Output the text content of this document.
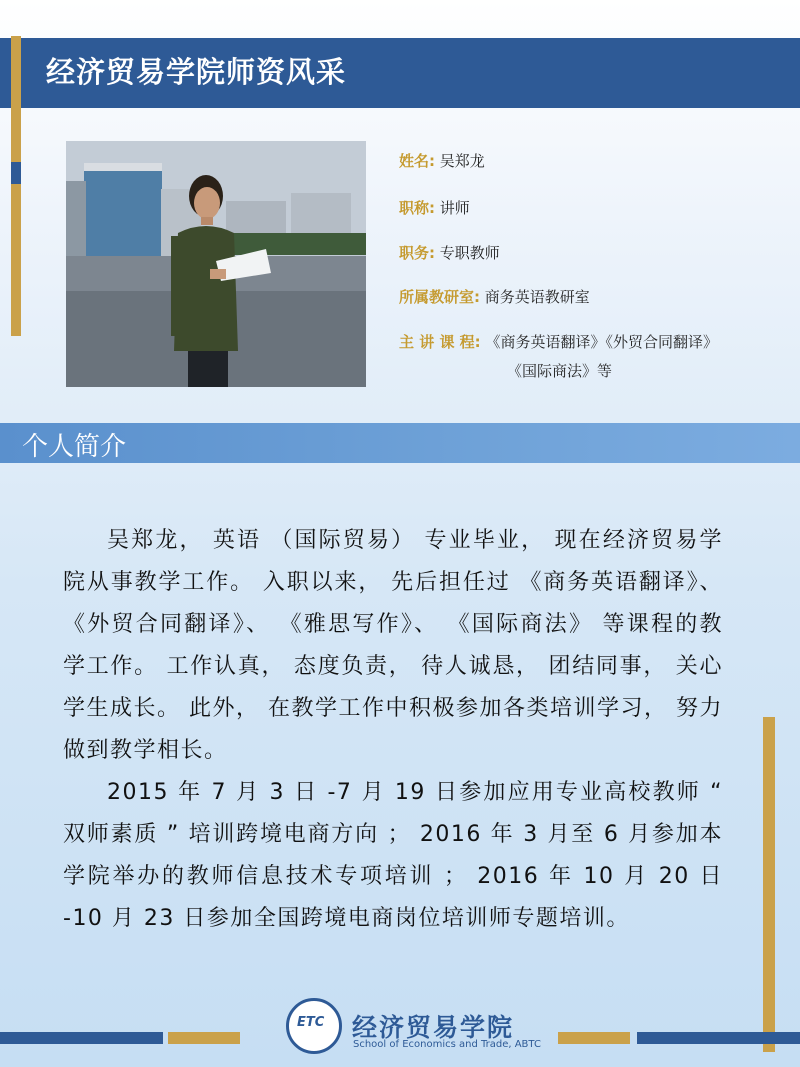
经济贸易学院师资风采
姓名: 吴郑龙
职称: 讲师
职务: 专职教师
所属教研室: 商务英语教研室
主 讲 课 程: 《商务英语翻译》《外贸合同翻译》
《国际商法》等
个人简介

吴郑龙， 英语 （国际贸易） 专业毕业， 现在经济贸易学院从事教学工作。 入职以来， 先后担任过 《商务英语翻译》、 《外贸合同翻译》、 《雅思写作》、 《国际商法》 等课程的教学工作。 工作认真， 态度负责， 待人诚恳， 团结同事， 关心学生成长。 此外， 在教学工作中积极参加各类培训学习， 努力做到教学相长。

2015 年 7 月 3 日 -7 月 19 日参加应用专业高校教师 “ 双师素质 ” 培训跨境电商方向 ； 2016 年 3 月至 6 月参加本学院举办的教师信息技术专项培训 ； 2016 年 10 月 20 日 -10 月 23 日参加全国跨境电商岗位培训师专题培训。

ETC 经济贸易学院
School of Economics and Trade, ABTC
